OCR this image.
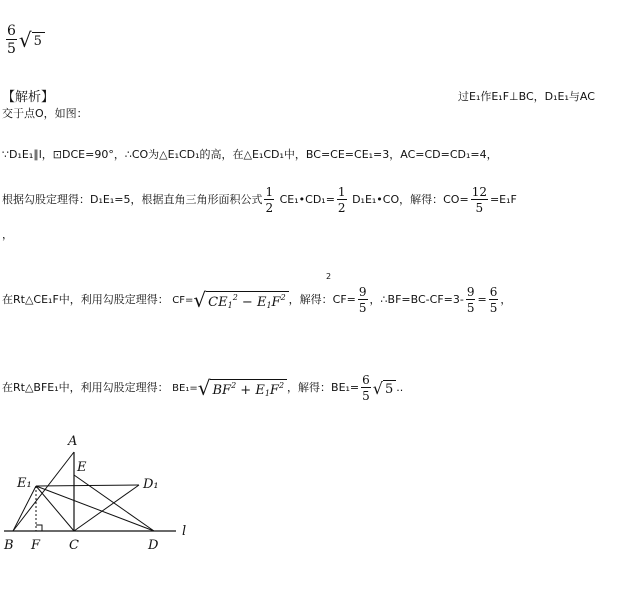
$\frac{6}{5}$ √ 5
【解析】	过E₁作E₁F⊥BC，D₁E₁与AC
交于点O，如图：
∵D₁E₁∥l，⊡DCE=90°，∴CO为△E₁CD₁的高，在△E₁CD₁中，BC=CE=CE₁=3，AC=CD=CD₁=4，
根据勾股定理得：D₁E₁=5，根据直角三角形面积公式 $\frac{1}{2}$ CE₁•CD₁= $\frac{1}{2}$ D₁E₁•CO，解得：$CO= \frac{12}{5} =E_1F$
，
2
在Rt△CE₁F中，利用勾股定理得： CF=√ $CE_1^2 - E_1F^2$ ，解得：$CF= \frac{9}{5}$ ，∴BF=BC-CF=3- $\frac{9}{5} = \frac{6}{5}$ ，
在Rt△BFE₁中，利用勾股定理得： BE₁=√ $BF^2 + E_1F^2$ ，解得：$BE_1= \frac{6}{5}$ √ 5 ..
A
E
E₁	D₁
B F C	D
l
